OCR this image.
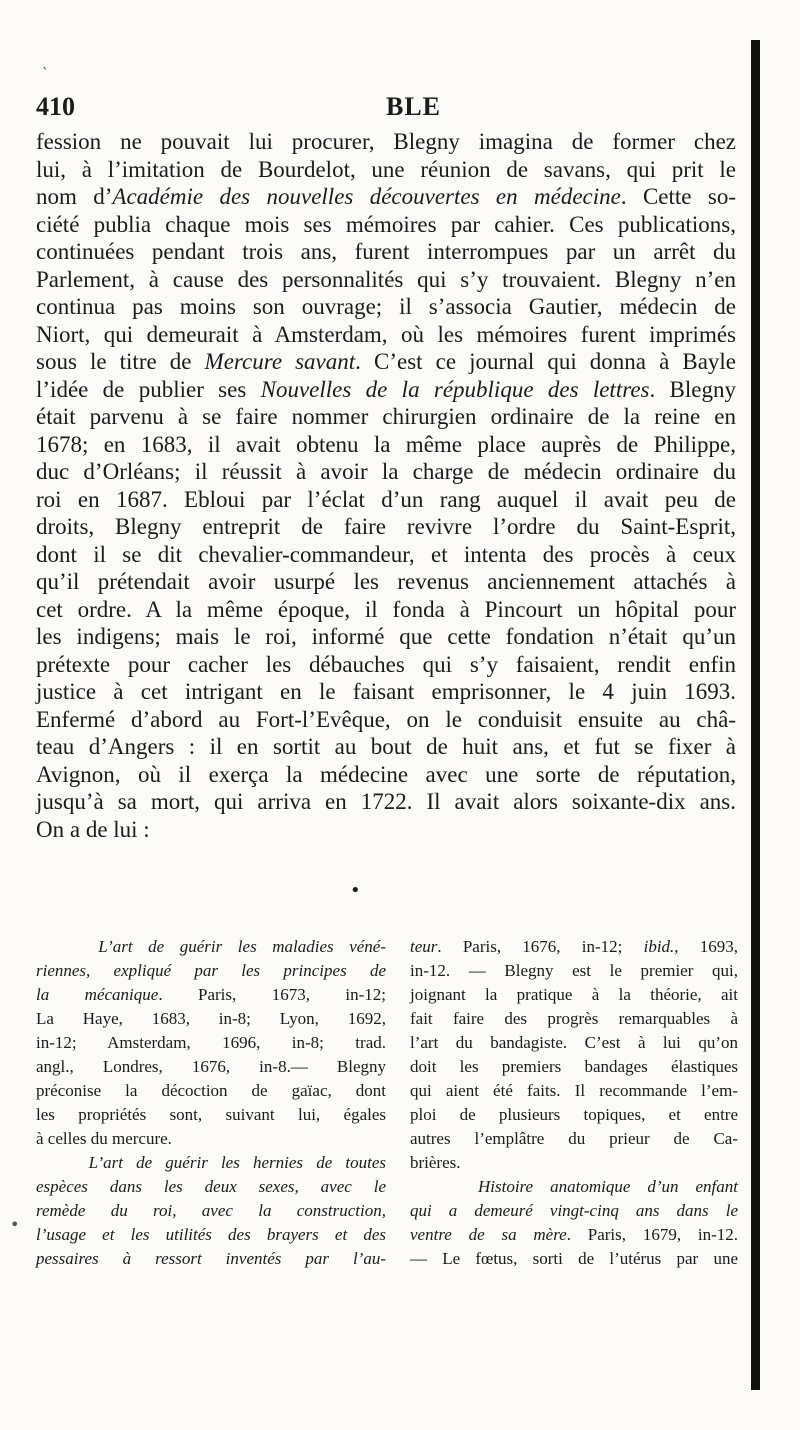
`
410	BLE
fession ne pouvait lui procurer, Blegny imagina de former chez
lui, à l’imitation de Bourdelot, une réunion de savans, qui prit le
nom d’Académie des nouvelles découvertes en médecine. Cette so-
ciété publia chaque mois ses mémoires par cahier. Ces publications,
continuées pendant trois ans, furent interrompues par un arrêt du
Parlement, à cause des personnalités qui s’y trouvaient. Blegny n’en
continua pas moins son ouvrage; il s’associa Gautier, médecin de
Niort, qui demeurait à Amsterdam, où les mémoires furent imprimés
sous le titre de Mercure savant. C’est ce journal qui donna à Bayle
l’idée de publier ses Nouvelles de la république des lettres. Blegny
était parvenu à se faire nommer chirurgien ordinaire de la reine en
1678; en 1683, il avait obtenu la même place auprès de Philippe,
duc d’Orléans; il réussit à avoir la charge de médecin ordinaire du
roi en 1687. Ebloui par l’éclat d’un rang auquel il avait peu de
droits, Blegny entreprit de faire revivre l’ordre du Saint-Esprit,
dont il se dit chevalier-commandeur, et intenta des procès à ceux
qu’il prétendait avoir usurpé les revenus anciennement attachés à
cet ordre. A la même époque, il fonda à Pincourt un hôpital pour
les indigens; mais le roi, informé que cette fondation n’était qu’un
prétexte pour cacher les débauches qui s’y faisaient, rendit enfin
justice à cet intrigant en le faisant emprisonner, le 4 juin 1693.
Enfermé d’abord au Fort-l’Evêque, on le conduisit ensuite au châ-
teau d’Angers : il en sortit au bout de huit ans, et fut se fixer à
Avignon, où il exerça la médecine avec une sorte de réputation,
jusqu’à sa mort, qui arriva en 1722. Il avait alors soixante-dix ans.
On a de lui :
•
L’art de guérir les maladies véné-
riennes, expliqué par les principes de
la mécanique. Paris, 1673, in-12;
La Haye, 1683, in-8; Lyon, 1692,
in-12; Amsterdam, 1696, in-8; trad.
angl., Londres, 1676, in-8.— Blegny
préconise la décoction de gaïac, dont
les propriétés sont, suivant lui, égales
à celles du mercure.
L’art de guérir les hernies de toutes
espèces dans les deux sexes, avec le
remède du roi, avec la construction,
l’usage et les utilités des brayers et des
pessaires à ressort inventés par l’au-
teur. Paris, 1676, in-12; ibid., 1693,
in-12. — Blegny est le premier qui,
joignant la pratique à la théorie, ait
fait faire des progrès remarquables à
l’art du bandagiste. C’est à lui qu’on
doit les premiers bandages élastiques
qui aient été faits. Il recommande l’em-
ploi de plusieurs topiques, et entre
autres l’emplâtre du prieur de Ca-
brières.
Histoire anatomique d’un enfant
qui a demeuré vingt-cinq ans dans le
ventre de sa mère. Paris, 1679, in-12.
— Le fœtus, sorti de l’utérus par une
•
